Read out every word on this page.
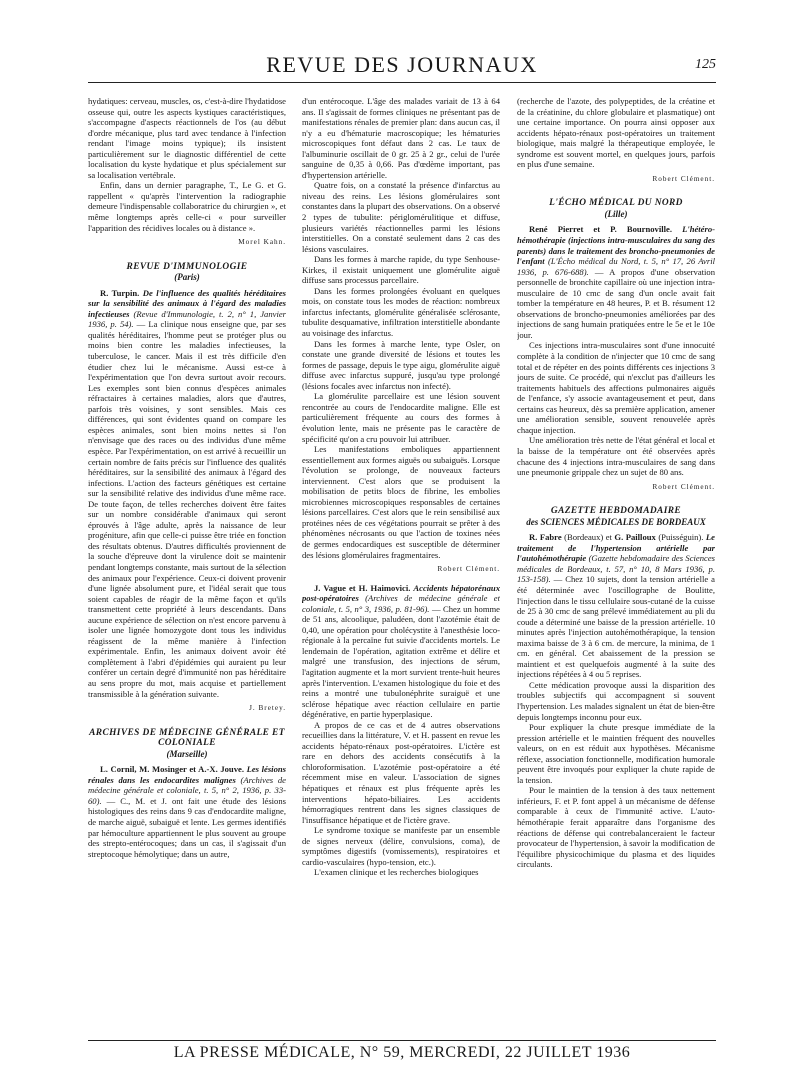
REVUE DES JOURNAUX	125

hydatiques: cerveau, muscles, os, c'est-à-dire l'hydatidose osseuse qui, outre les aspects kystiques caractéristiques, s'accompagne d'aspects réactionnels de l'os (au début d'ordre mécanique, plus tard avec tendance à l'infection rendant l'image moins typique); ils insistent particulièrement sur le diagnostic différentiel de cette localisation du kyste hydatique et plus spécialement sur sa localisation vertébrale.

Enfin, dans un dernier paragraphe, T., Le G. et G. rappellent « qu'après l'intervention la radiographie demeure l'indispensable collaboratrice du chirurgien », et même longtemps après celle-ci « pour surveiller l'apparition des récidives locales ou à distance ».

Morel Kahn.
REVUE D'IMMUNOLOGIE
(Paris)

R. Turpin. De l'influence des qualités héréditaires sur la sensibilité des animaux à l'égard des maladies infectieuses (Revue d'Immunologie, t. 2, n° 1, Janvier 1936, p. 54). — La clinique nous enseigne que, par ses qualités héréditaires, l'homme peut se protéger plus ou moins bien contre les maladies infectieuses, la tuberculose, le cancer. Mais il est très difficile d'en étudier chez lui le mécanisme. Aussi est-ce à l'expérimentation que l'on devra surtout avoir recours. Les exemples sont bien connus d'espèces animales réfractaires à certaines maladies, alors que d'autres, parfois très voisines, y sont sensibles. Mais ces différences, qui sont évidentes quand on compare les espèces animales, sont bien moins nettes si l'on n'envisage que des races ou des individus d'une même espèce. Par l'expérimentation, on est arrivé à recueillir un certain nombre de faits précis sur l'influence des qualités héréditaires, sur la sensibilité des animaux à l'égard des infections. L'action des facteurs génétiques est certaine sur la sensibilité relative des individus d'une même race. De toute façon, de telles recherches doivent être faites sur un nombre considérable d'animaux qui seront éprouvés à l'âge adulte, après la naissance de leur progéniture, afin que celle-ci puisse être triée en fonction des résultats obtenus. D'autres difficultés proviennent de la souche d'épreuve dont la virulence doit se maintenir pendant longtemps constante, mais surtout de la sélection des animaux pour l'expérience. Ceux-ci doivent provenir d'une lignée absolument pure, et l'idéal serait que tous soient capables de réagir de la même façon et qu'ils transmettent cette propriété à leurs descendants. Dans aucune expérience de sélection on n'est encore parvenu à isoler une lignée homozygote dont tous les individus réagissent de la même manière à l'infection expérimentale. Enfin, les animaux doivent avoir été complètement à l'abri d'épidémies qui auraient pu leur conférer un certain degré d'immunité non pas héréditaire au sens propre du mot, mais acquise et partiellement transmissible à la génération suivante.

J. Bretey.
ARCHIVES DE MÉDECINE GÉNÉRALE ET COLONIALE
(Marseille)

L. Cornil, M. Mosinger et A.-X. Jouve. Les lésions rénales dans les endocardites malignes (Archives de médecine générale et coloniale, t. 5, n° 2, 1936, p. 33-60). — C., M. et J. ont fait une étude des lésions histologiques des reins dans 9 cas d'endocardite maligne, de marche aiguë, subaiguë et lente. Les germes identifiés par hémoculture appartiennent le plus souvent au groupe des strepto-entérocoques; dans un cas, il s'agissait d'un streptocoque hémolytique; dans un autre,

d'un entérocoque. L'âge des malades variait de 13 à 64 ans. Il s'agissait de formes cliniques ne présentant pas de manifestations rénales de premier plan: dans aucun cas, il n'y a eu d'hématurie macroscopique; les hématuries microscopiques font défaut dans 2 cas. Le taux de l'albuminurie oscillait de 0 gr. 25 à 2 gr., celui de l'urée sanguine de 0,35 à 0,66. Pas d'œdème important, pas d'hypertension artérielle.

Quatre fois, on a constaté la présence d'infarctus au niveau des reins. Les lésions glomérulaires sont constantes dans la plupart des observations. On a observé 2 types de tubulite: périglomérulitique et diffuse, plusieurs variétés réactionnelles parmi les lésions interstitielles. On a constaté seulement dans 2 cas des lésions vasculaires.

Dans les formes à marche rapide, du type Senhouse-Kirkes, il existait uniquement une glomérulite aiguë diffuse sans processus parcellaire.

Dans les formes prolongées évoluant en quelques mois, on constate tous les modes de réaction: nombreux infarctus infectants, glomérulite généralisée sclérosante, tubulite desquamative, infiltration interstitielle abondante au voisinage des infarctus.

Dans les formes à marche lente, type Osler, on constate une grande diversité de lésions et toutes les formes de passage, depuis le type aigu, glomérulite aiguë diffuse avec infarctus suppuré, jusqu'au type prolongé (lésions focales avec infarctus non infecté).

La glomérulite parcellaire est une lésion souvent rencontrée au cours de l'endocardite maligne. Elle est particulièrement fréquente au cours des formes à évolution lente, mais ne présente pas le caractère de spécificité qu'on a cru pouvoir lui attribuer.

Les manifestations emboliques appartiennent essentiellement aux formes aiguës ou subaiguës. Lorsque l'évolution se prolonge, de nouveaux facteurs interviennent. C'est alors que se produisent la mobilisation de petits blocs de fibrine, les embolies microbiennes microscopiques responsables de certaines lésions parcellaires. C'est alors que le rein sensibilisé aux protéines nées de ces végétations pourrait se prêter à des phénomènes nécrosants ou que l'action de toxines nées de germes endocardiques est susceptible de déterminer des lésions glomérulaires fragmentaires.

Robert Clément.

J. Vague et H. Haimovici. Accidents hépatorénaux post-opératoires (Archives de médecine générale et coloniale, t. 5, n° 3, 1936, p. 81-96). — Chez un homme de 51 ans, alcoolique, paludéen, dont l'azotémie était de 0,40, une opération pour cholécystite à l'anesthésie loco-régionale à la percaïne fut suivie d'accidents mortels. Le lendemain de l'opération, agitation extrême et délire et malgré une transfusion, des injections de sérum, l'agitation augmente et la mort survient trente-huit heures après l'intervention. L'examen histologique du foie et des reins a montré une tubulonéphrite suraiguë et une sclérose hépatique avec réaction cellulaire en partie dégénérative, en partie hyperplasique.

A propos de ce cas et de 4 autres observations recueillies dans la littérature, V. et H. passent en revue les accidents hépato-rénaux post-opératoires. L'ictère est rare en dehors des accidents consécutifs à la chloroformisation. L'azotémie post-opératoire a été récemment mise en valeur. L'association de signes hépatiques et rénaux est plus fréquente après les interventions hépato-biliaires. Les accidents hémorragiques rentrent dans les signes classiques de l'insuffisance hépatique et de l'ictère grave.

Le syndrome toxique se manifeste par un ensemble de signes nerveux (délire, convulsions, coma), de symptômes digestifs (vomissements), respiratoires et cardio-vasculaires (hypo-tension, etc.).

L'examen clinique et les recherches biologiques

(recherche de l'azote, des polypeptides, de la créatine et de la créatinine, du chlore globulaire et plasmatique) ont une certaine importance. On pourra ainsi opposer aux accidents hépato-rénaux post-opératoires un traitement biologique, mais malgré la thérapeutique employée, le syndrome est souvent mortel, en quelques jours, parfois en plus d'une semaine.

Robert Clément.
L'ÉCHO MÉDICAL DU NORD
(Lille)

René Pierret et P. Bournoville. L'hétéro-hémothérapie (injections intra-musculaires du sang des parents) dans le traitement des broncho-pneumonies de l'enfant (L'Écho médical du Nord, t. 5, n° 17, 26 Avril 1936, p. 676-688). — A propos d'une observation personnelle de bronchite capillaire où une injection intra-musculaire de 10 cmc de sang d'un oncle avait fait tomber la température en 48 heures, P. et B. résument 12 observations de broncho-pneumonies améliorées par des injections de sang humain pratiquées entre le 5e et le 10e jour.

Ces injections intra-musculaires sont d'une innocuité complète à la condition de n'injecter que 10 cmc de sang total et de répéter en des points différents ces injections 3 jours de suite. Ce procédé, qui n'exclut pas d'ailleurs les traitements habituels des affections pulmonaires aiguës de l'enfance, s'y associe avantageusement et peut, dans certains cas heureux, dès sa première application, amener une amélioration sensible, souvent renouvelée après chaque injection.

Une amélioration très nette de l'état général et local et la baisse de la température ont été observées après chacune des 4 injections intra-musculaires de sang dans une pneumonie grippale chez un sujet de 80 ans.

Robert Clément.
GAZETTE HEBDOMADAIRE
des SCIENCES MÉDICALES DE BORDEAUX

R. Fabre (Bordeaux) et G. Pailloux (Puisséguin). Le traitement de l'hypertension artérielle par l'autohémothérapie (Gazette hebdomadaire des Sciences médicales de Bordeaux, t. 57, n° 10, 8 Mars 1936, p. 153-158). — Chez 10 sujets, dont la tension artérielle a été déterminée avec l'oscillographe de Boulitte, l'injection dans le tissu cellulaire sous-cutané de la cuisse de 25 à 30 cmc de sang prélevé immédiatement au pli du coude a déterminé une baisse de la pression artérielle. 10 minutes après l'injection autohémothérapique, la tension maxima baisse de 3 à 6 cm. de mercure, la minima, de 1 cm. en général. Cet abaissement de la pression se maintient et est quelquefois augmenté à la suite des injections répétées à 4 ou 5 reprises.

Cette médication provoque aussi la disparition des troubles subjectifs qui accompagnent si souvent l'hypertension. Les malades signalent un état de bien-être depuis longtemps inconnu pour eux.

Pour expliquer la chute presque immédiate de la pression artérielle et le maintien fréquent des nouvelles valeurs, on en est réduit aux hypothèses. Mécanisme réflexe, association fonctionnelle, modification humorale peuvent être invoqués pour expliquer la chute rapide de la tension.

Pour le maintien de la tension à des taux nettement inférieurs, F. et P. font appel à un mécanisme de défense comparable à ceux de l'immunité active. L'auto-hémothérapie ferait apparaître dans l'organisme des réactions de défense qui contrebalanceraient le facteur provocateur de l'hypertension, à savoir la modification de l'équilibre physicochimique du plasma et des liquides circulants.

LA PRESSE MÉDICALE, N° 59, MERCREDI, 22 JUILLET 1936
